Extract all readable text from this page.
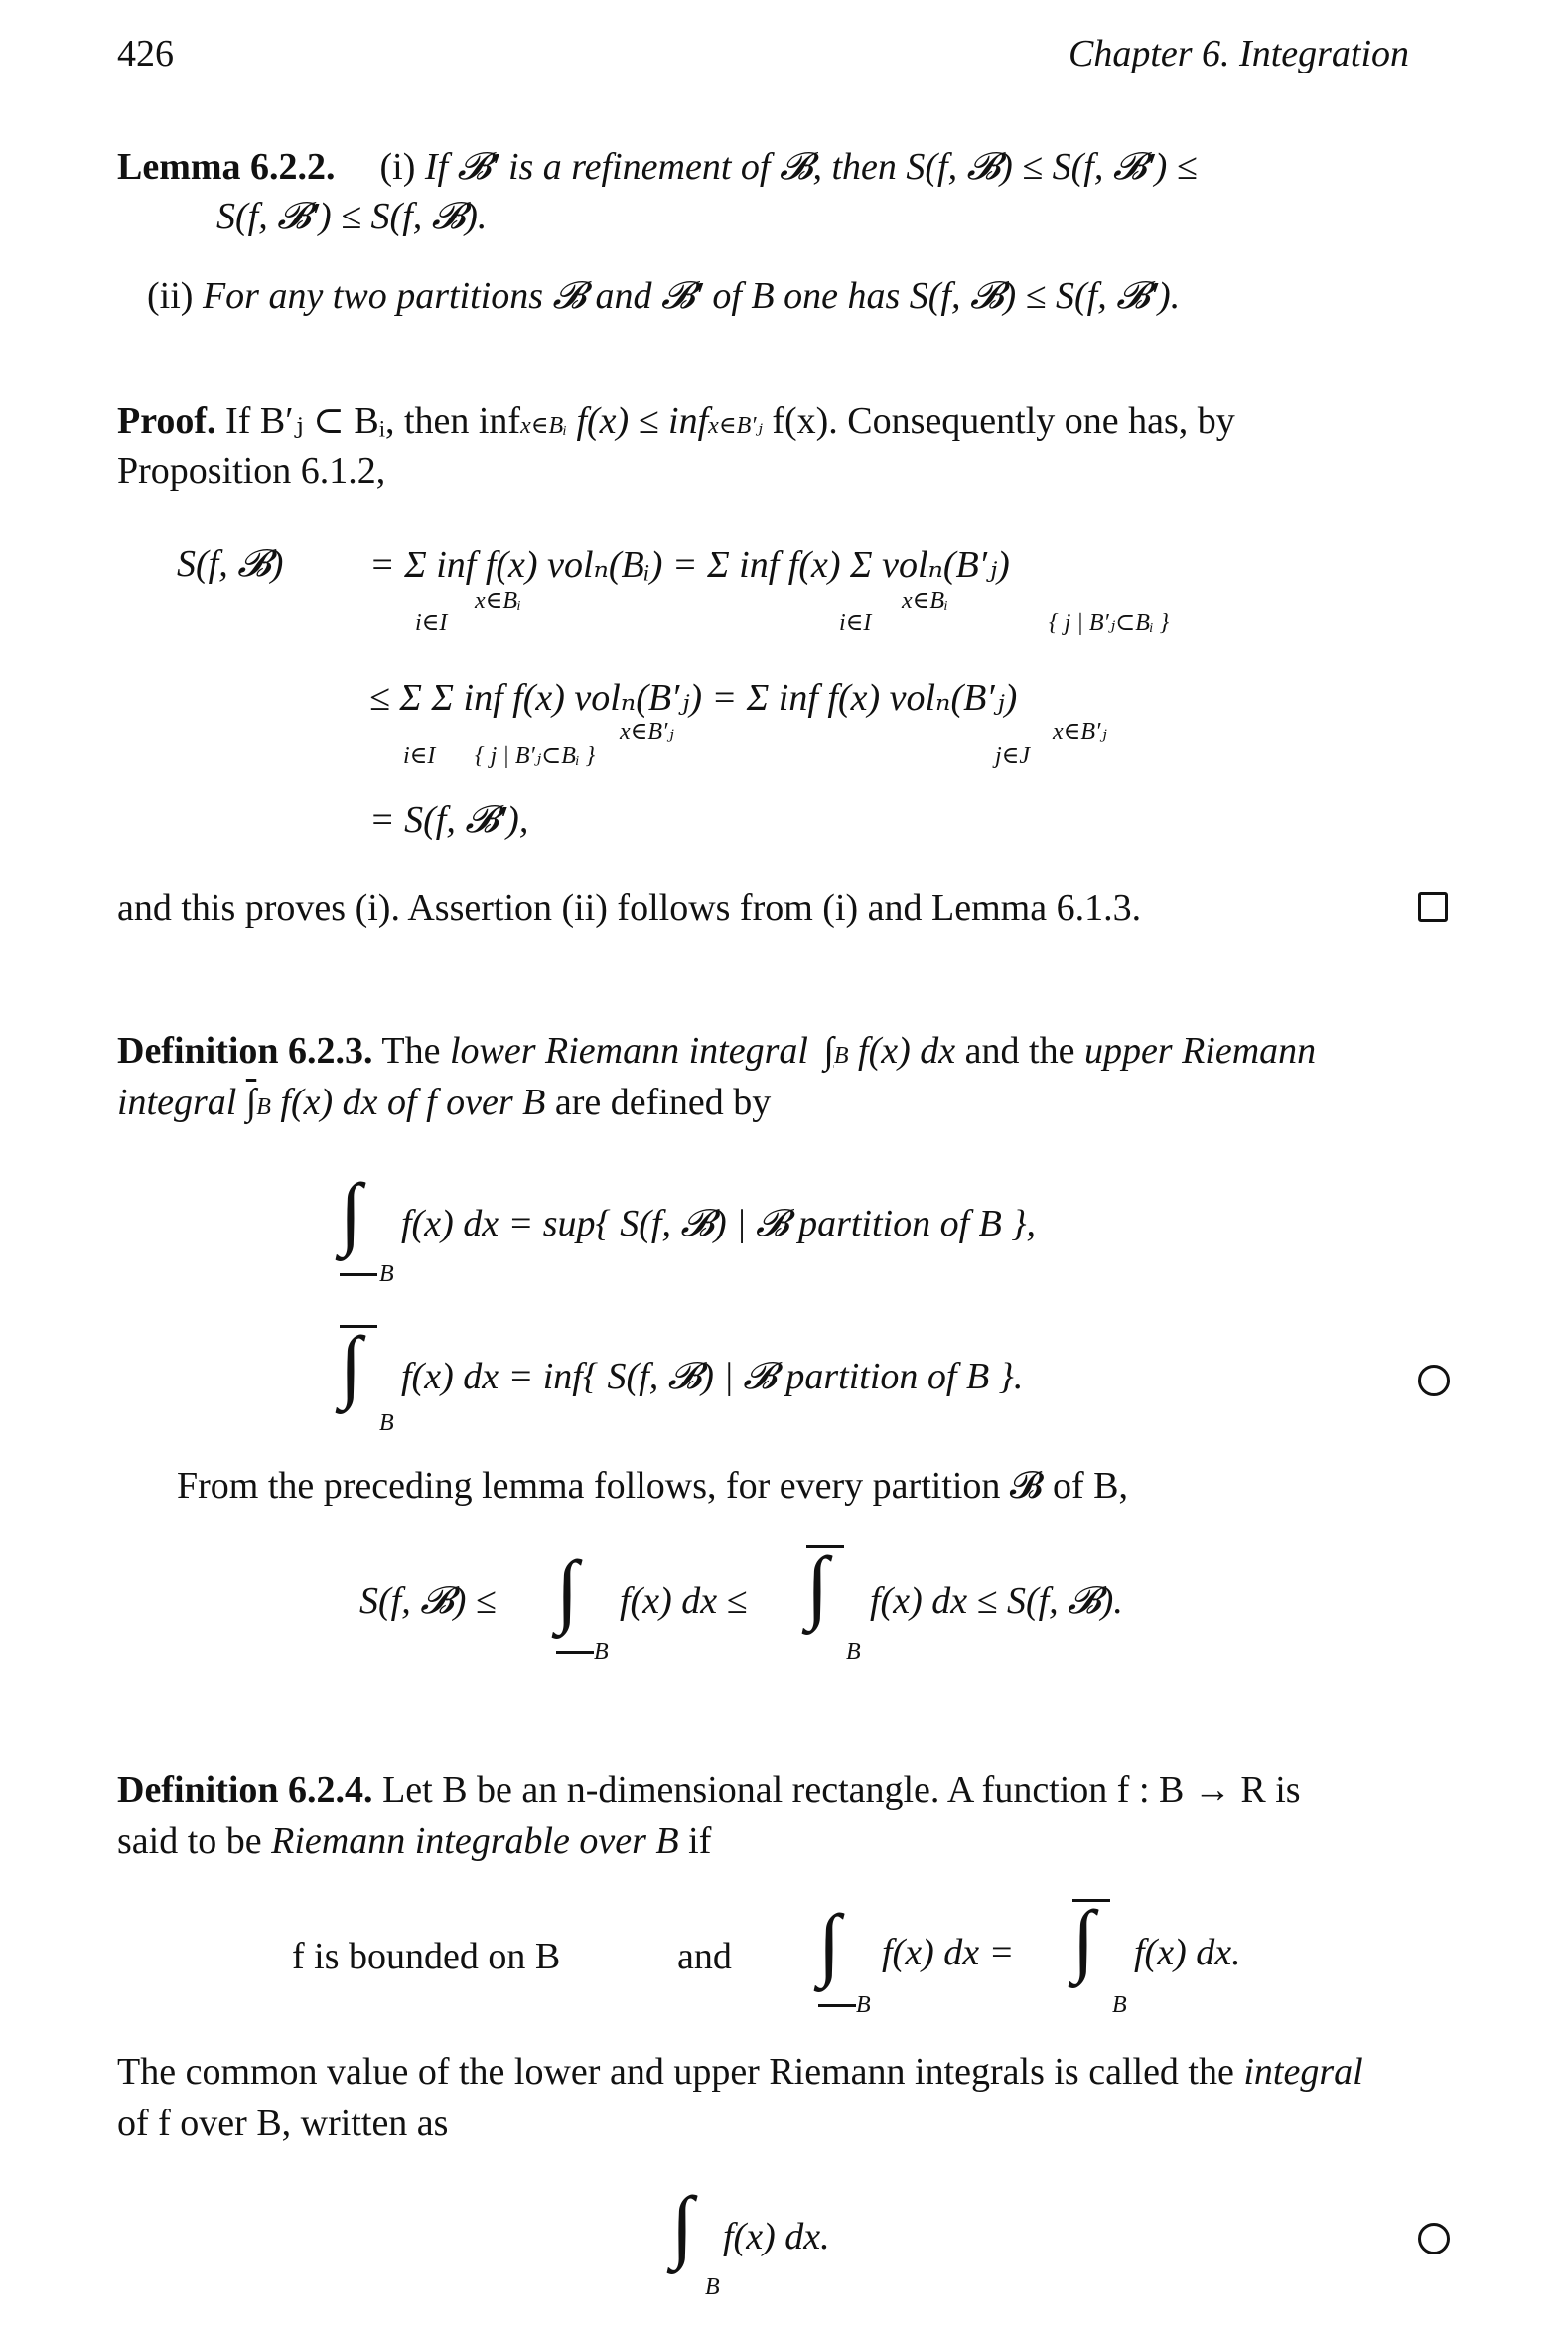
426	Chapter 6. Integration
Lemma 6.2.2. (i) If 𝓑′ is a refinement of 𝓑, then S(f, 𝓑) ≤ S(f, 𝓑′) ≤
S(f, 𝓑′) ≤ S(f, 𝓑).
(ii) For any two partitions 𝓑 and 𝓑′ of B one has S(f, 𝓑) ≤ S(f, 𝓑′).
Proof. If B′ⱼ ⊂ Bᵢ, then infx∈Bᵢ f(x) ≤ infx∈B′ⱼ f(x). Consequently one has, by
Proposition 6.1.2,
S(f, 𝓑) = Σ inf f(x) volₙ(Bᵢ) = Σ inf f(x) Σ volₙ(B′ⱼ)
i∈I
x∈Bᵢ
i∈I
x∈Bᵢ
{ j | B′ⱼ⊂Bᵢ }
≤ Σ Σ inf f(x) volₙ(B′ⱼ) = Σ inf f(x) volₙ(B′ⱼ)
i∈I { j | B′ⱼ⊂Bᵢ }
x∈B′ⱼ
j∈J
x∈B′ⱼ
= S(f, 𝓑′),
and this proves (i). Assertion (ii) follows from (i) and Lemma 6.1.3.
Definition 6.2.3. The lower Riemann integral ∫B f(x) dx and the upper Riemann
integral ∫B f(x) dx of f over B are defined by
∫
B
f(x) dx = sup{ S(f, 𝓑) | 𝓑 partition of B },
∫
B
f(x) dx = inf{ S(f, 𝓑) | 𝓑 partition of B }.
From the preceding lemma follows, for every partition 𝓑 of B,
S(f, 𝓑) ≤ ∫
B
f(x) dx ≤ ∫
B
f(x) dx ≤ S(f, 𝓑).
Definition 6.2.4. Let B be an n-dimensional rectangle. A function f : B → R is
said to be Riemann integrable over B if
f is bounded on B	and ∫
B
f(x) dx = ∫
B
f(x) dx.
The common value of the lower and upper Riemann integrals is called the integral
of f over B, written as
∫
B
f(x) dx.
